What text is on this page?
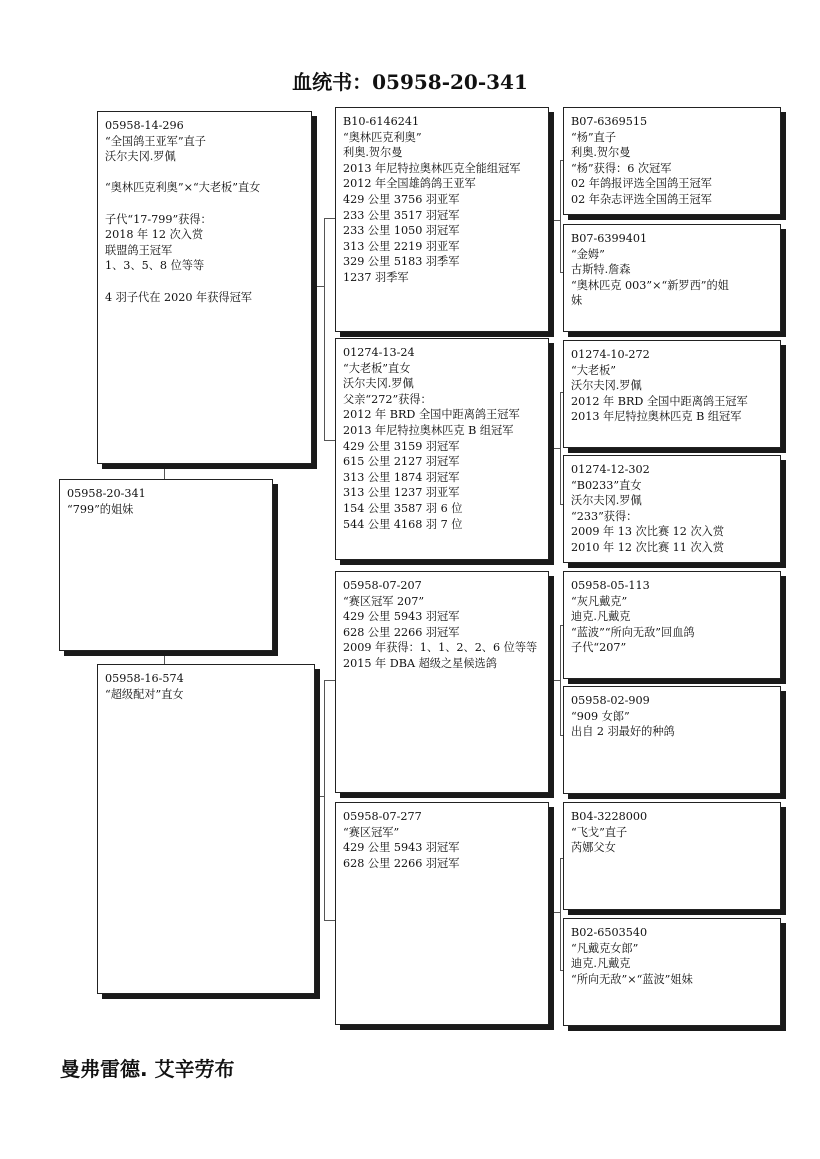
血统书：05958-20-341
05958-20-341
“799”的姐妹
05958-14-296
“全国鸽王亚军”直子
沃尔夫冈.罗佩
“奥林匹克利奥”×“大老板”直女
子代“17-799”获得：
2018 年 12 次入赏
联盟鸽王冠军
1、3、5、8 位等等
4 羽子代在 2020 年获得冠军
05958-16-574
“超级配对”直女
B10-6146241
“奥林匹克利奥”
利奥.贺尔曼
2013 年尼特拉奥林匹克全能组冠军
2012 年全国雄鸽鸽王亚军
429 公里 3756 羽亚军
233 公里 3517 羽冠军
233 公里 1050 羽冠军
313 公里 2219 羽亚军
329 公里 5183 羽季军
1237 羽季军
01274-13-24
“大老板”直女
沃尔夫冈.罗佩
父亲“272”获得：
2012 年 BRD 全国中距离鸽王冠军
2013 年尼特拉奥林匹克 B 组冠军
429 公里 3159 羽冠军
615 公里 2127 羽冠军
313 公里 1874 羽冠军
313 公里 1237 羽亚军
154 公里 3587 羽 6 位
544 公里 4168 羽 7 位
05958-07-207
“赛区冠军 207”
429 公里 5943 羽冠军
628 公里 2266 羽冠军
2009 年获得：1、1、2、2、6 位等等
2015 年 DBA 超级之星候选鸽
05958-07-277
“赛区冠军”
429 公里 5943 羽冠军
628 公里 2266 羽冠军
B07-6369515
“杨”直子
利奥.贺尔曼
“杨”获得：6 次冠军
02 年鸽报评选全国鸽王冠军
02 年杂志评选全国鸽王冠军
B07-6399401
“金姆”
古斯特.詹森
“奥林匹克 003”×“新罗西”的姐
妹
01274-10-272
“大老板”
沃尔夫冈.罗佩
2012 年 BRD 全国中距离鸽王冠军
2013 年尼特拉奥林匹克 B 组冠军
01274-12-302
“B0233”直女
沃尔夫冈.罗佩
“233”获得：
2009 年 13 次比赛 12 次入赏
2010 年 12 次比赛 11 次入赏
05958-05-113
“灰凡戴克”
迪克.凡戴克
“蓝波”“所向无敌”回血鸽
子代“207”
05958-02-909
“909 女郎”
出自 2 羽最好的种鸽
B04-3228000
“飞戈”直子
芮娜父女
B02-6503540
“凡戴克女郎”
迪克.凡戴克
“所向无敌”×“蓝波”姐妹
曼弗雷德. 艾辛劳布
